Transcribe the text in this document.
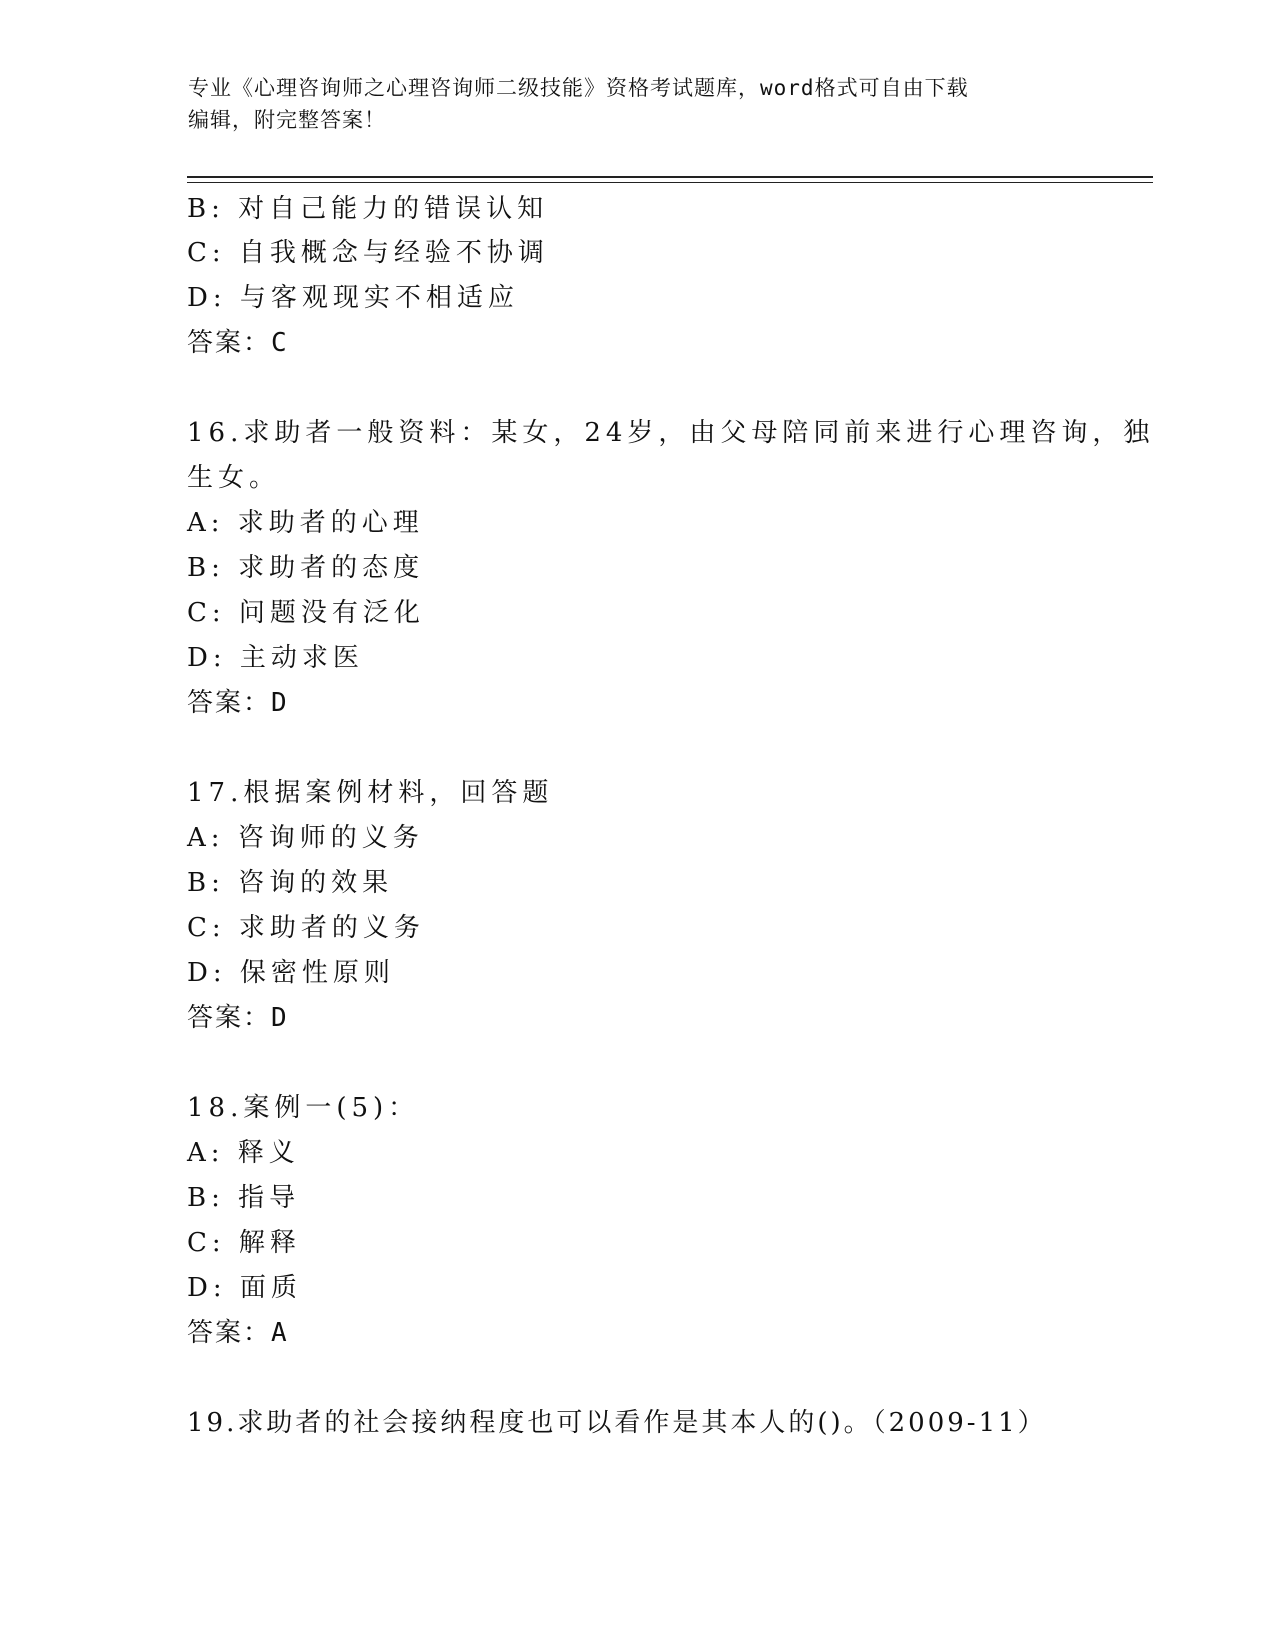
专业《心理咨询师之心理咨询师二级技能》资格考试题库，word格式可自由下载
编辑，附完整答案！
B: 对自己能力的错误认知
C: 自我概念与经验不协调
D: 与客观现实不相适应
答案：C
16.求助者一般资料：某女，24岁，由父母陪同前来进行心理咨询，独
生女。
A: 求助者的心理
B: 求助者的态度
C: 问题没有泛化
D: 主动求医
答案：D
17.根据案例材料，回答题
A: 咨询师的义务
B: 咨询的效果
C: 求助者的义务
D: 保密性原则
答案：D
18.案例一(5)：
A: 释义
B: 指导
C: 解释
D: 面质
答案：A
19.求助者的社会接纳程度也可以看作是其本人的()。（2009-11）
